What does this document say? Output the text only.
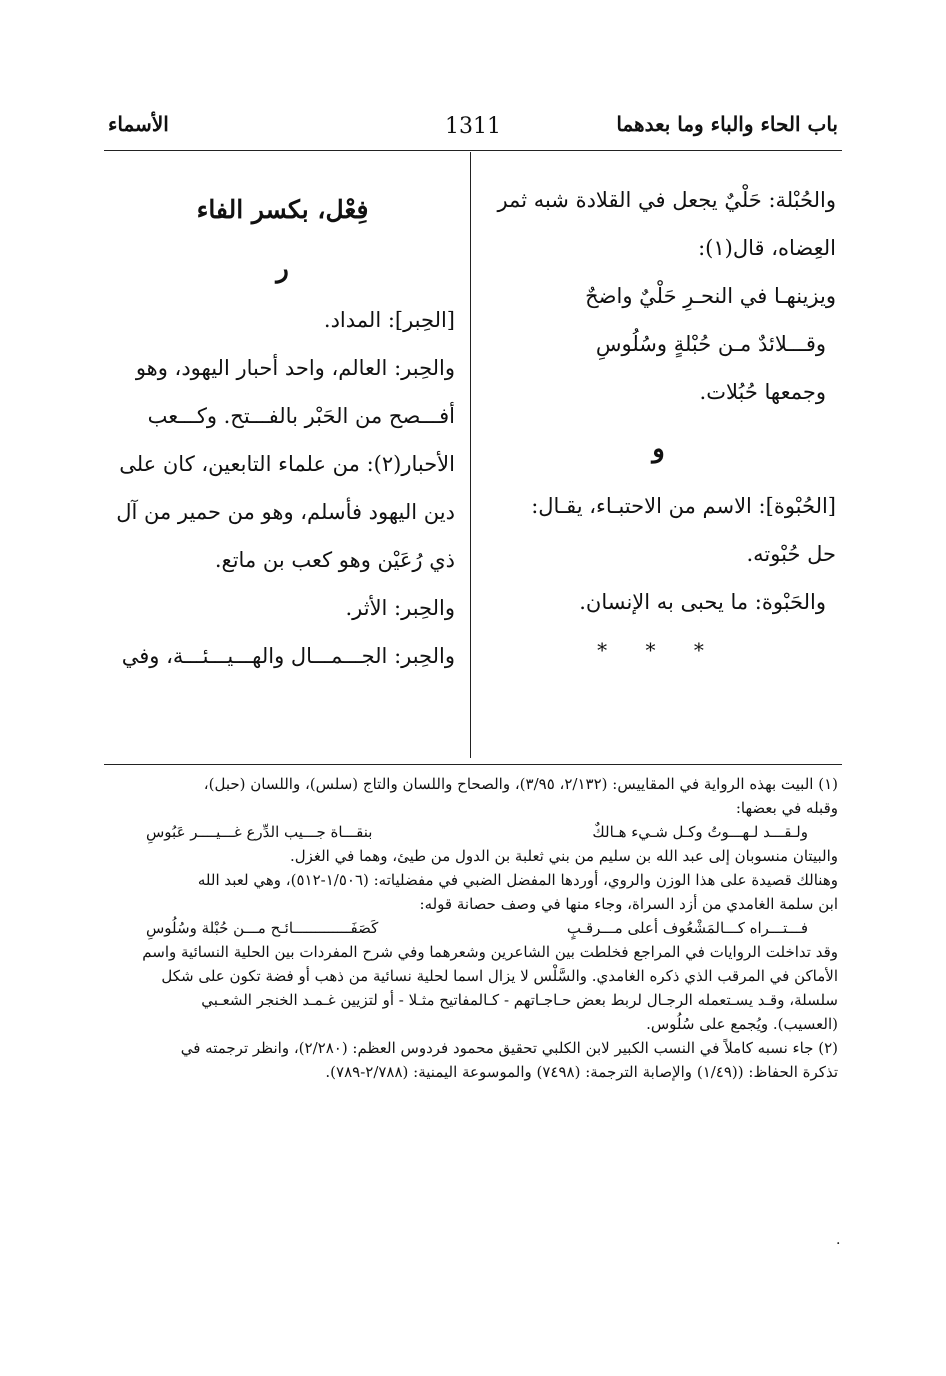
باب الحاء والباء وما بعدهما
1311
الأسماء
والحُبْلة: حَلْيٌ يجعل في القلادة شبه ثمر
العِضاه، قال(١):
ويزينهـا في النحـرِ حَلْيٌ واضحٌ
وقـــلائدٌ مـن حُبْلةٍ وسُلُوسِ
وجمعها حُبُلات.
و
[الحُبْوة]: الاسم من الاحتبـاء، يقـال:
حل حُبْوته.
والحَبْوة: ما يحبى به الإنسان.
* * *
فِعْل، بكسر الفاء
ر
[الحِبر]: المداد.
والحِبر: العالم، واحد أحبار اليهود، وهو
أفـــصح من الحَبْر بالفـــتح. وكـــعب
الأحبار(٢): من علماء التابعين، كان على
دين اليهود فأسلم، وهو من حمير من آل
ذي رُعَيْن وهو كعب بن ماتع.
والحِبر: الأثر.
والحِبر: الجـــمـــال والهـــيـــئـــة، وفي
(١) البيت بهذه الرواية في المقاييس: (٢/١٣٢، ٣/٩٥)، والصحاح واللسان والتاج (سلس)، واللسان (حبل)،
وقبله في بعضها:
ولـقـــد لـهـــوتُ وكـل شـيء هـالكٌ
بنقـــاة جـــيب الدِّرع غـــيــــر عَبُوسِ
والبيتان منسوبان إلى عبد الله بن سليم من بني ثعلبة بن الدول من طيئ، وهما في الغزل.
وهنالك قصيدة على هذا الوزن والروي، أوردها المفضل الضبي في مفضلياته: (١/٥٠٦-٥١٢)، وهي لعبد الله
ابن سلمة الغامدي من أزد السراة، وجاء منها في وصف حصانة قوله:
فـــتـــراه كـــالمَشْعُوف أعلى مـــرقـبٍ
كَصَفَـــــــــــــائـح مـــن حُبْلة وسُلُوسِ
وقد تداخلت الروايات في المراجع فخلطت بين الشاعرين وشعرهما وفي شرح المفردات بين الحلية النسائية واسم
الأماكن في المرقب الذي ذكره الغامدي. والسَّلْس لا يزال اسما لحلية نسائية من ذهب أو فضة تكون على شكل
سلسلة، وقـد يسـتعمله الرجـال لربط بعض حـاجـاتهم - كـالمفاتيح مثـلا - أو لتزيين غـمـد الخنجر الشعـبي
(العسيب). ويُجمع على سُلُوس.
(٢) جاء نسبه كاملاً في النسب الكبير لابن الكلبي تحقيق محمود فردوس العظم: (٢/٢٨٠)، وانظر ترجمته في
تذكرة الحفاظ: ((١/٤٩) والإصابة الترجمة: (٧٤٩٨) والموسوعة اليمنية: (٢/٧٨٨-٧٨٩).
.
